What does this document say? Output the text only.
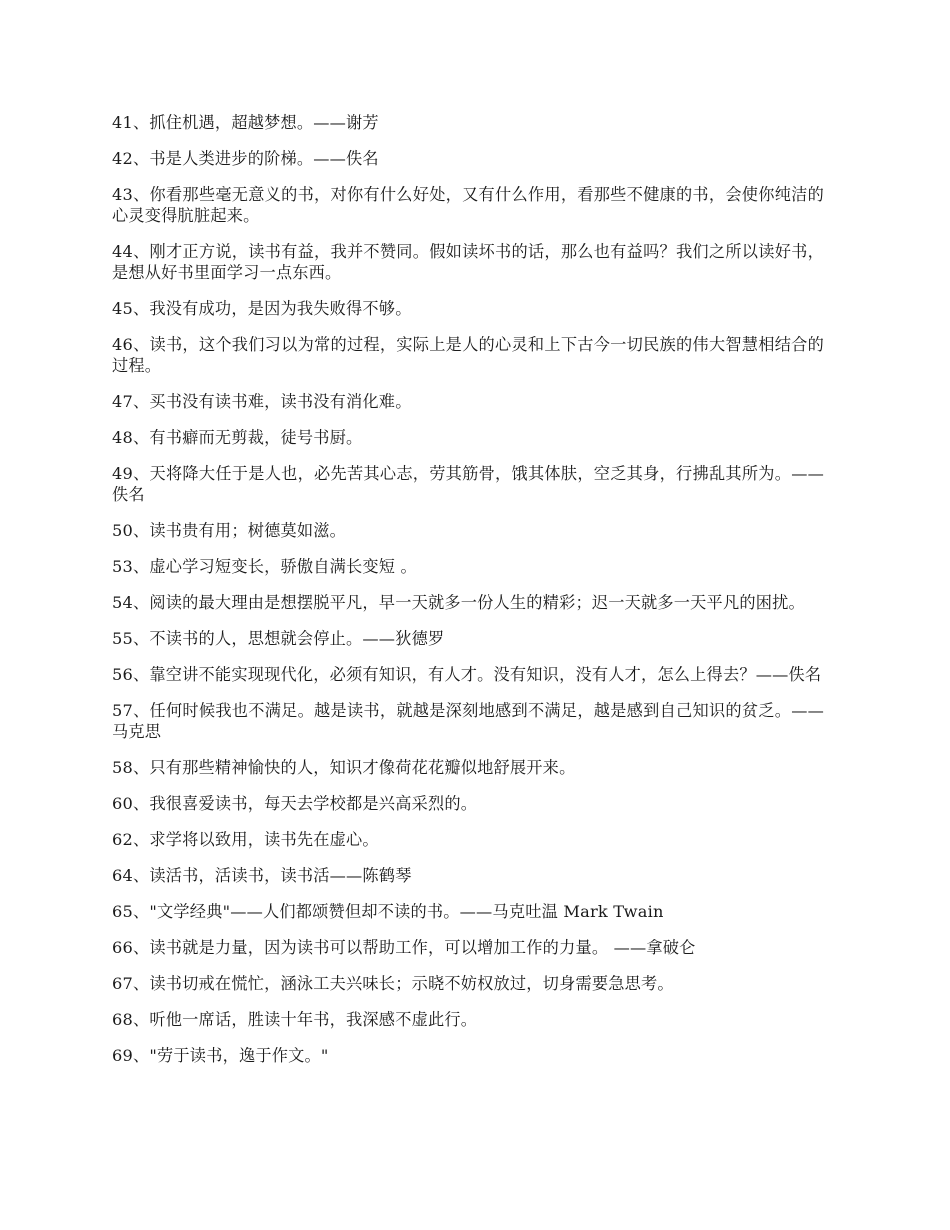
41、抓住机遇，超越梦想。——谢芳

42、书是人类进步的阶梯。——佚名

43、你看那些毫无意义的书，对你有什么好处，又有什么作用，看那些不健康的书，会使你纯洁的心灵变得肮脏起来。

44、刚才正方说，读书有益，我并不赞同。假如读坏书的话，那么也有益吗？我们之所以读好书，是想从好书里面学习一点东西。

45、我没有成功，是因为我失败得不够。

46、读书，这个我们习以为常的过程，实际上是人的心灵和上下古今一切民族的伟大智慧相结合的过程。

47、买书没有读书难，读书没有消化难。

48、有书癖而无剪裁，徒号书厨。

49、天将降大任于是人也，必先苦其心志，劳其筋骨，饿其体肤，空乏其身，行拂乱其所为。——佚名

50、读书贵有用；树德莫如滋。

53、虚心学习短变长，骄傲自满长变短 。

54、阅读的最大理由是想摆脱平凡，早一天就多一份人生的精彩；迟一天就多一天平凡的困扰。

55、不读书的人，思想就会停止。——狄德罗

56、靠空讲不能实现现代化，必须有知识，有人才。没有知识，没有人才，怎么上得去？——佚名

57、任何时候我也不满足。越是读书，就越是深刻地感到不满足，越是感到自己知识的贫乏。——马克思

58、只有那些精神愉快的人，知识才像荷花花瓣似地舒展开来。

60、我很喜爱读书，每天去学校都是兴高采烈的。

62、求学将以致用，读书先在虚心。

64、读活书，活读书，读书活——陈鹤琴

65、"文学经典"——人们都颂赞但却不读的书。——马克吐温 Mark Twain

66、读书就是力量，因为读书可以帮助工作，可以增加工作的力量。 ——拿破仑

67、读书切戒在慌忙，涵泳工夫兴味长；示晓不妨权放过，切身需要急思考。

68、听他一席话，胜读十年书，我深感不虚此行。

69、"劳于读书，逸于作文。"
